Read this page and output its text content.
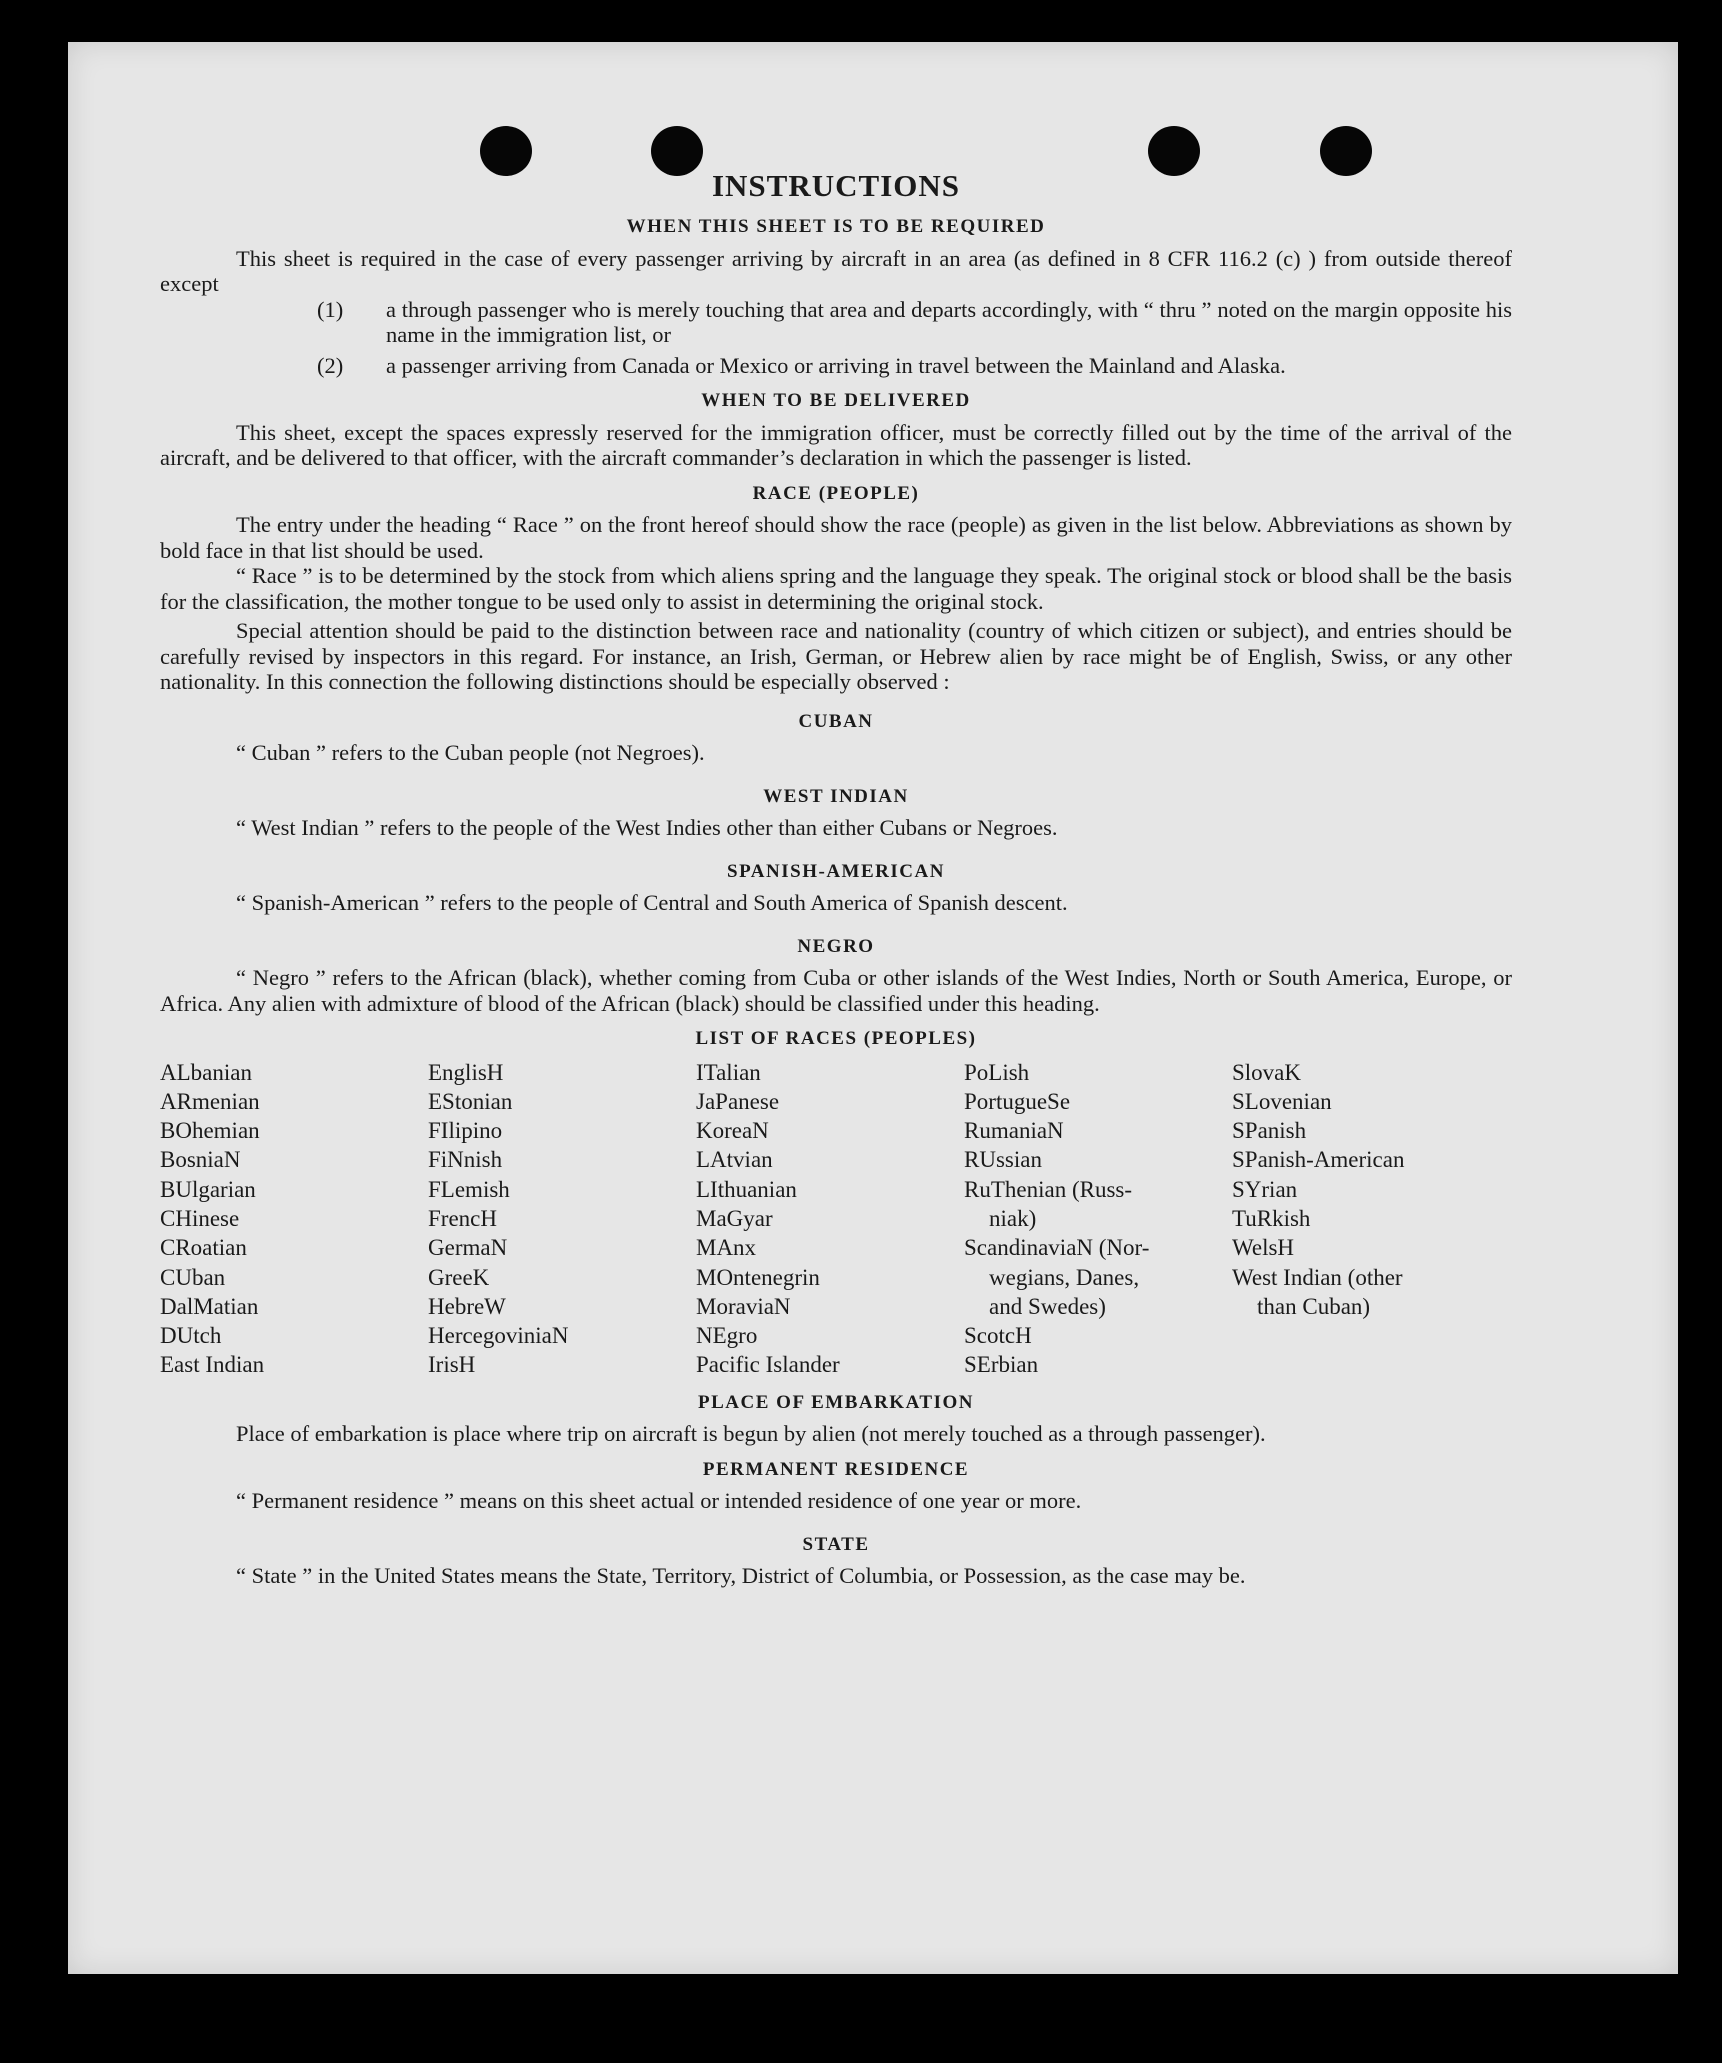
INSTRUCTIONS
WHEN THIS SHEET IS TO BE REQUIRED

This sheet is required in the case of every passenger arriving by aircraft in an area (as defined in 8 CFR 116.2 (c) ) from outside thereof except

(1) a through passenger who is merely touching that area and departs accordingly, with “ thru ” noted on the margin opposite his name in the immigration list, or
(2) a passenger arriving from Canada or Mexico or arriving in travel between the Mainland and Alaska.
WHEN TO BE DELIVERED

This sheet, except the spaces expressly reserved for the immigration officer, must be correctly filled out by the time of the arrival of the aircraft, and be delivered to that officer, with the aircraft commander’s declaration in which the passenger is listed.

RACE (PEOPLE)

The entry under the heading “ Race ” on the front hereof should show the race (people) as given in the list below. Abbreviations as shown by bold face in that list should be used.

“ Race ” is to be determined by the stock from which aliens spring and the language they speak. The original stock or blood shall be the basis for the classification, the mother tongue to be used only to assist in determining the original stock.

Special attention should be paid to the distinction between race and nationality (country of which citizen or subject), and entries should be carefully revised by inspectors in this regard. For instance, an Irish, German, or Hebrew alien by race might be of English, Swiss, or any other nationality. In this connection the following distinctions should be especially observed :

CUBAN

“ Cuban ” refers to the Cuban people (not Negroes).

WEST INDIAN

“ West Indian ” refers to the people of the West Indies other than either Cubans or Negroes.

SPANISH-AMERICAN

“ Spanish-American ” refers to the people of Central and South America of Spanish descent.

NEGRO

“ Negro ” refers to the African (black), whether coming from Cuba or other islands of the West Indies, North or South America, Europe, or Africa. Any alien with admixture of blood of the African (black) should be classified under this heading.

LIST OF RACES (PEOPLES)
ALbanian
ARmenian
BOhemian
BosniaN
BUlgarian
CHinese
CRoatian
CUban
DalMatian
DUtch
East Indian
EnglisH
EStonian
FIlipino
FiNnish
FLemish
FrencH
GermaN
GreeK
HebreW
HercegoviniaN
IrisH
ITalian
JaPanese
KoreaN
LAtvian
LIthuanian
MaGyar
MAnx
MOntenegrin
MoraviaN
NEgro
Pacific Islander
PoLish
PortugueSe
RumaniaN
RUssian
RuThenian (Russ-
niak)
ScandinaviaN (Nor-
wegians, Danes,
and Swedes)
ScotcH
SErbian
SlovaK
SLovenian
SPanish
SPanish-American
SYrian
TuRkish
WelsH
West Indian (other
than Cuban)
PLACE OF EMBARKATION

Place of embarkation is place where trip on aircraft is begun by alien (not merely touched as a through passenger).

PERMANENT RESIDENCE

“ Permanent residence ” means on this sheet actual or intended residence of one year or more.

STATE

“ State ” in the United States means the State, Territory, District of Columbia, or Possession, as the case may be.
